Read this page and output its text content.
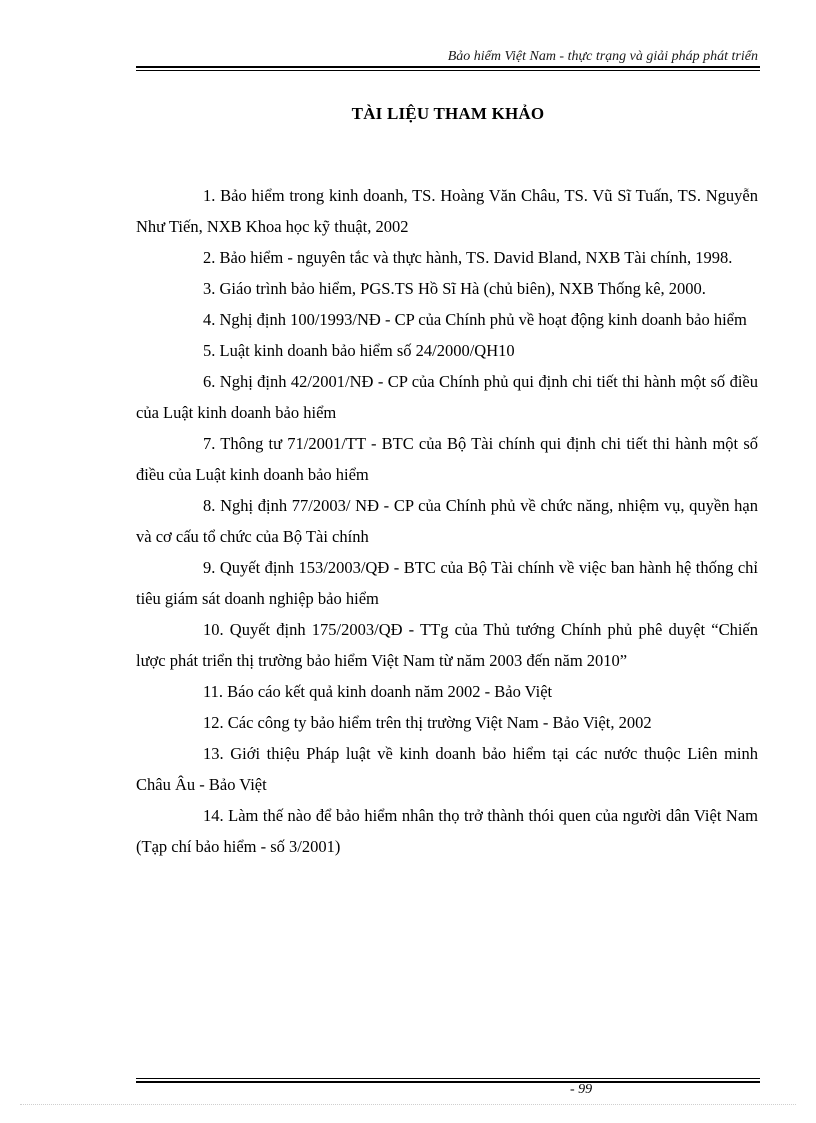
Bảo hiểm Việt Nam - thực trạng và giải pháp phát triển
TÀI LIỆU THAM KHẢO

1. Bảo hiểm trong kinh doanh, TS. Hoàng Văn Châu, TS. Vũ Sĩ Tuấn, TS. Nguyễn Như Tiến, NXB Khoa học kỹ thuật, 2002

2. Bảo hiểm - nguyên tắc và thực hành, TS. David Bland, NXB Tài chính, 1998.

3. Giáo trình bảo hiểm, PGS.TS Hồ Sĩ Hà (chủ biên), NXB Thống kê, 2000.

4. Nghị định 100/1993/NĐ - CP của Chính phủ về hoạt động kinh doanh bảo hiểm

5. Luật kinh doanh bảo hiểm số 24/2000/QH10

6. Nghị định 42/2001/NĐ - CP của Chính phủ qui định chi tiết thi hành một số điều của Luật kinh doanh bảo hiểm

7. Thông tư 71/2001/TT - BTC của Bộ Tài chính qui định chi tiết thi hành một số điều của Luật kinh doanh bảo hiểm

8. Nghị định 77/2003/ NĐ - CP của Chính phủ về chức năng, nhiệm vụ, quyền hạn và cơ cấu tổ chức của Bộ Tài chính

9. Quyết định 153/2003/QĐ - BTC của Bộ Tài chính về việc ban hành hệ thống chỉ tiêu giám sát doanh nghiệp bảo hiểm

10. Quyết định 175/2003/QĐ - TTg của Thủ tướng Chính phủ phê duyệt “Chiến lược phát triển thị trường bảo hiểm Việt Nam từ năm 2003 đến năm 2010”

11. Báo cáo kết quả kinh doanh năm 2002 - Bảo Việt

12. Các công ty bảo hiểm trên thị trường Việt Nam - Bảo Việt, 2002

13. Giới thiệu Pháp luật về kinh doanh bảo hiểm tại các nước thuộc Liên minh Châu Âu - Bảo Việt

14. Làm thế nào để bảo hiểm nhân thọ trở thành thói quen của người dân Việt Nam (Tạp chí bảo hiểm - số 3/2001)

- 99
